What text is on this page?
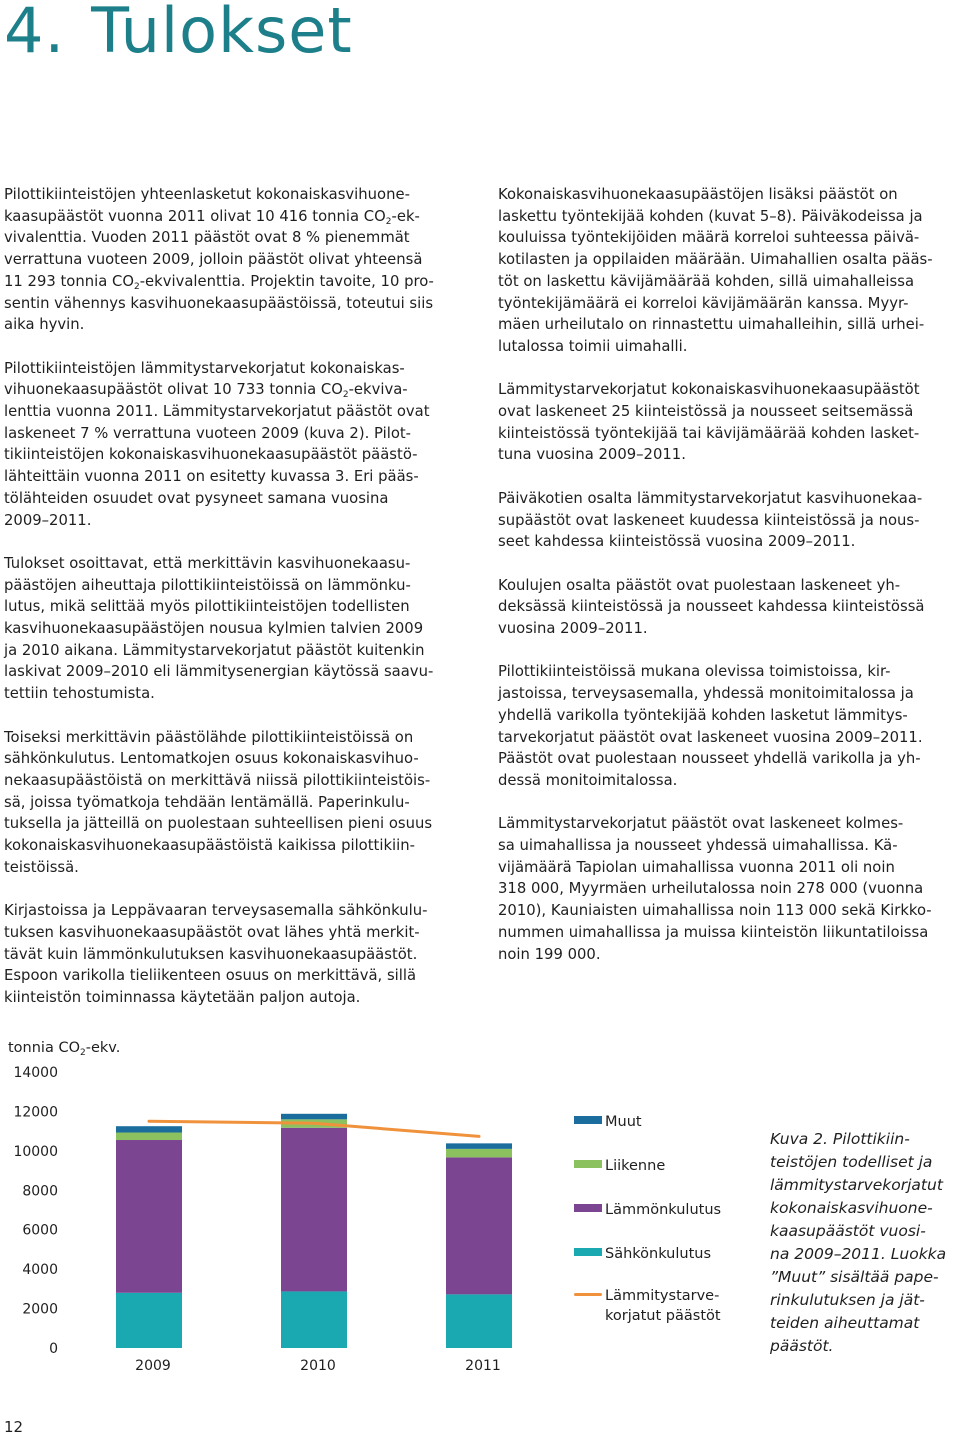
4. Tulokset

Pilottikiinteistöjen yhteenlasketut kokonaiskasvihuone-
kaasupäästöt vuonna 2011 olivat 10 416 tonnia $CO_2-ek-$
vivalenttia. Vuoden 2011 päästöt ovat 8 % pienemmät
verrattuna vuoteen 2009, jolloin päästöt olivat yhteensä
11 293 tonnia $CO_2$-ekvivalenttia. Projektin tavoite, 10 pro-
sentin vähennys kasvihuonekaasupäästöissä, toteutui siis
aika hyvin.

Pilottikiinteistöjen lämmitystarvekorjatut kokonaiskas-
vihuonekaasupäästöt olivat 10 733 tonnia $CO_2-ekviva-$
lenttia vuonna 2011. Lämmitystarvekorjatut päästöt ovat
laskeneet 7 % verrattuna vuoteen 2009 (kuva 2). Pilot-
tikiinteistöjen kokonaiskasvihuonekaasupäästöt päästö-
lähteittäin vuonna 2011 on esitetty kuvassa 3. Eri pääs-
tölähteiden osuudet ovat pysyneet samana vuosina
2009–2011.

Tulokset osoittavat, että merkittävin kasvihuonekaasu-
päästöjen aiheuttaja pilottikiinteistöissä on lämmönku-
lutus, mikä selittää myös pilottikiinteistöjen todellisten
kasvihuonekaasupäästöjen nousua kylmien talvien 2009
ja 2010 aikana. Lämmitystarvekorjatut päästöt kuitenkin
laskivat 2009–2010 eli lämmitysenergian käytössä saavu-
tettiin tehostumista.

Toiseksi merkittävin päästölähde pilottikiinteistöissä on
sähkönkulutus. Lentomatkojen osuus kokonaiskasvihuo-
nekaasupäästöistä on merkittävä niissä pilottikiinteistöis-
sä, joissa työmatkoja tehdään lentämällä. Paperinkulu-
tuksella ja jätteillä on puolestaan suhteellisen pieni osuus
kokonaiskasvihuonekaasupäästöistä kaikissa pilottikiin-
teistöissä.

Kirjastoissa ja Leppävaaran terveysasemalla sähkönkulu-
tuksen kasvihuonekaasupäästöt ovat lähes yhtä merkit-
tävät kuin lämmönkulutuksen kasvihuonekaasupäästöt.
Espoon varikolla tieliikenteen osuus on merkittävä, sillä
kiinteistön toiminnassa käytetään paljon autoja.

Kokonaiskasvihuonekaasupäästöjen lisäksi päästöt on
laskettu työntekijää kohden (kuvat 5–8). Päiväkodeissa ja
kouluissa työntekijöiden määrä korreloi suhteessa päivä-
kotilasten ja oppilaiden määrään. Uimahallien osalta pääs-
töt on laskettu kävijämäärää kohden, sillä uimahalleissa
työntekijämäärä ei korreloi kävijämäärän kanssa. Myyr-
mäen urheilutalo on rinnastettu uimahalleihin, sillä urhei-
lutalossa toimii uimahalli.

Lämmitystarvekorjatut kokonaiskasvihuonekaasupäästöt
ovat laskeneet 25 kiinteistössä ja nousseet seitsemässä
kiinteistössä työntekijää tai kävijämäärää kohden lasket-
tuna vuosina 2009–2011.

Päiväkotien osalta lämmitystarvekorjatut kasvihuonekaa-
supäästöt ovat laskeneet kuudessa kiinteistössä ja nous-
seet kahdessa kiinteistössä vuosina 2009–2011.

Koulujen osalta päästöt ovat puolestaan laskeneet yh-
deksässä kiinteistössä ja nousseet kahdessa kiinteistössä
vuosina 2009–2011.

Pilottikiinteistöissä mukana olevissa toimistoissa, kir-
jastoissa, terveysasemalla, yhdessä monitoimitalossa ja
yhdellä varikolla työntekijää kohden lasketut lämmitys-
tarvekorjatut päästöt ovat laskeneet vuosina 2009–2011.
Päästöt ovat puolestaan nousseet yhdellä varikolla ja yh-
dessä monitoimitalossa.

Lämmitystarvekorjatut päästöt ovat laskeneet kolmes-
sa uimahallissa ja nousseet yhdessä uimahallissa. Kä-
vijämäärä Tapiolan uimahallissa vuonna 2011 oli noin
318 000, Myyrmäen urheilutalossa noin 278 000 (vuonna
2010), Kauniaisten uimahallissa noin 113 000 sekä Kirkko-
nummen uimahallissa ja muissa kiinteistön liikuntatiloissa
noin 199 000.

tonnia $CO_2$-ekv.
0
2000
4000
6000
8000
10000
12000
14000
2009	2010	2011
Muut
Liikenne
Lämmönkulutus
Sähkönkulutus
Lämmitystarve-
korjatut päästöt
Kuva 2. Pilottikiin-
teistöjen todelliset ja
lämmitystarvekorjatut
kokonaiskasvihuone-
kaasupäästöt vuosi-
na 2009–2011. Luokka
”Muut” sisältää pape-
rinkulutuksen ja jät-
teiden aiheuttamat
päästöt.
12
